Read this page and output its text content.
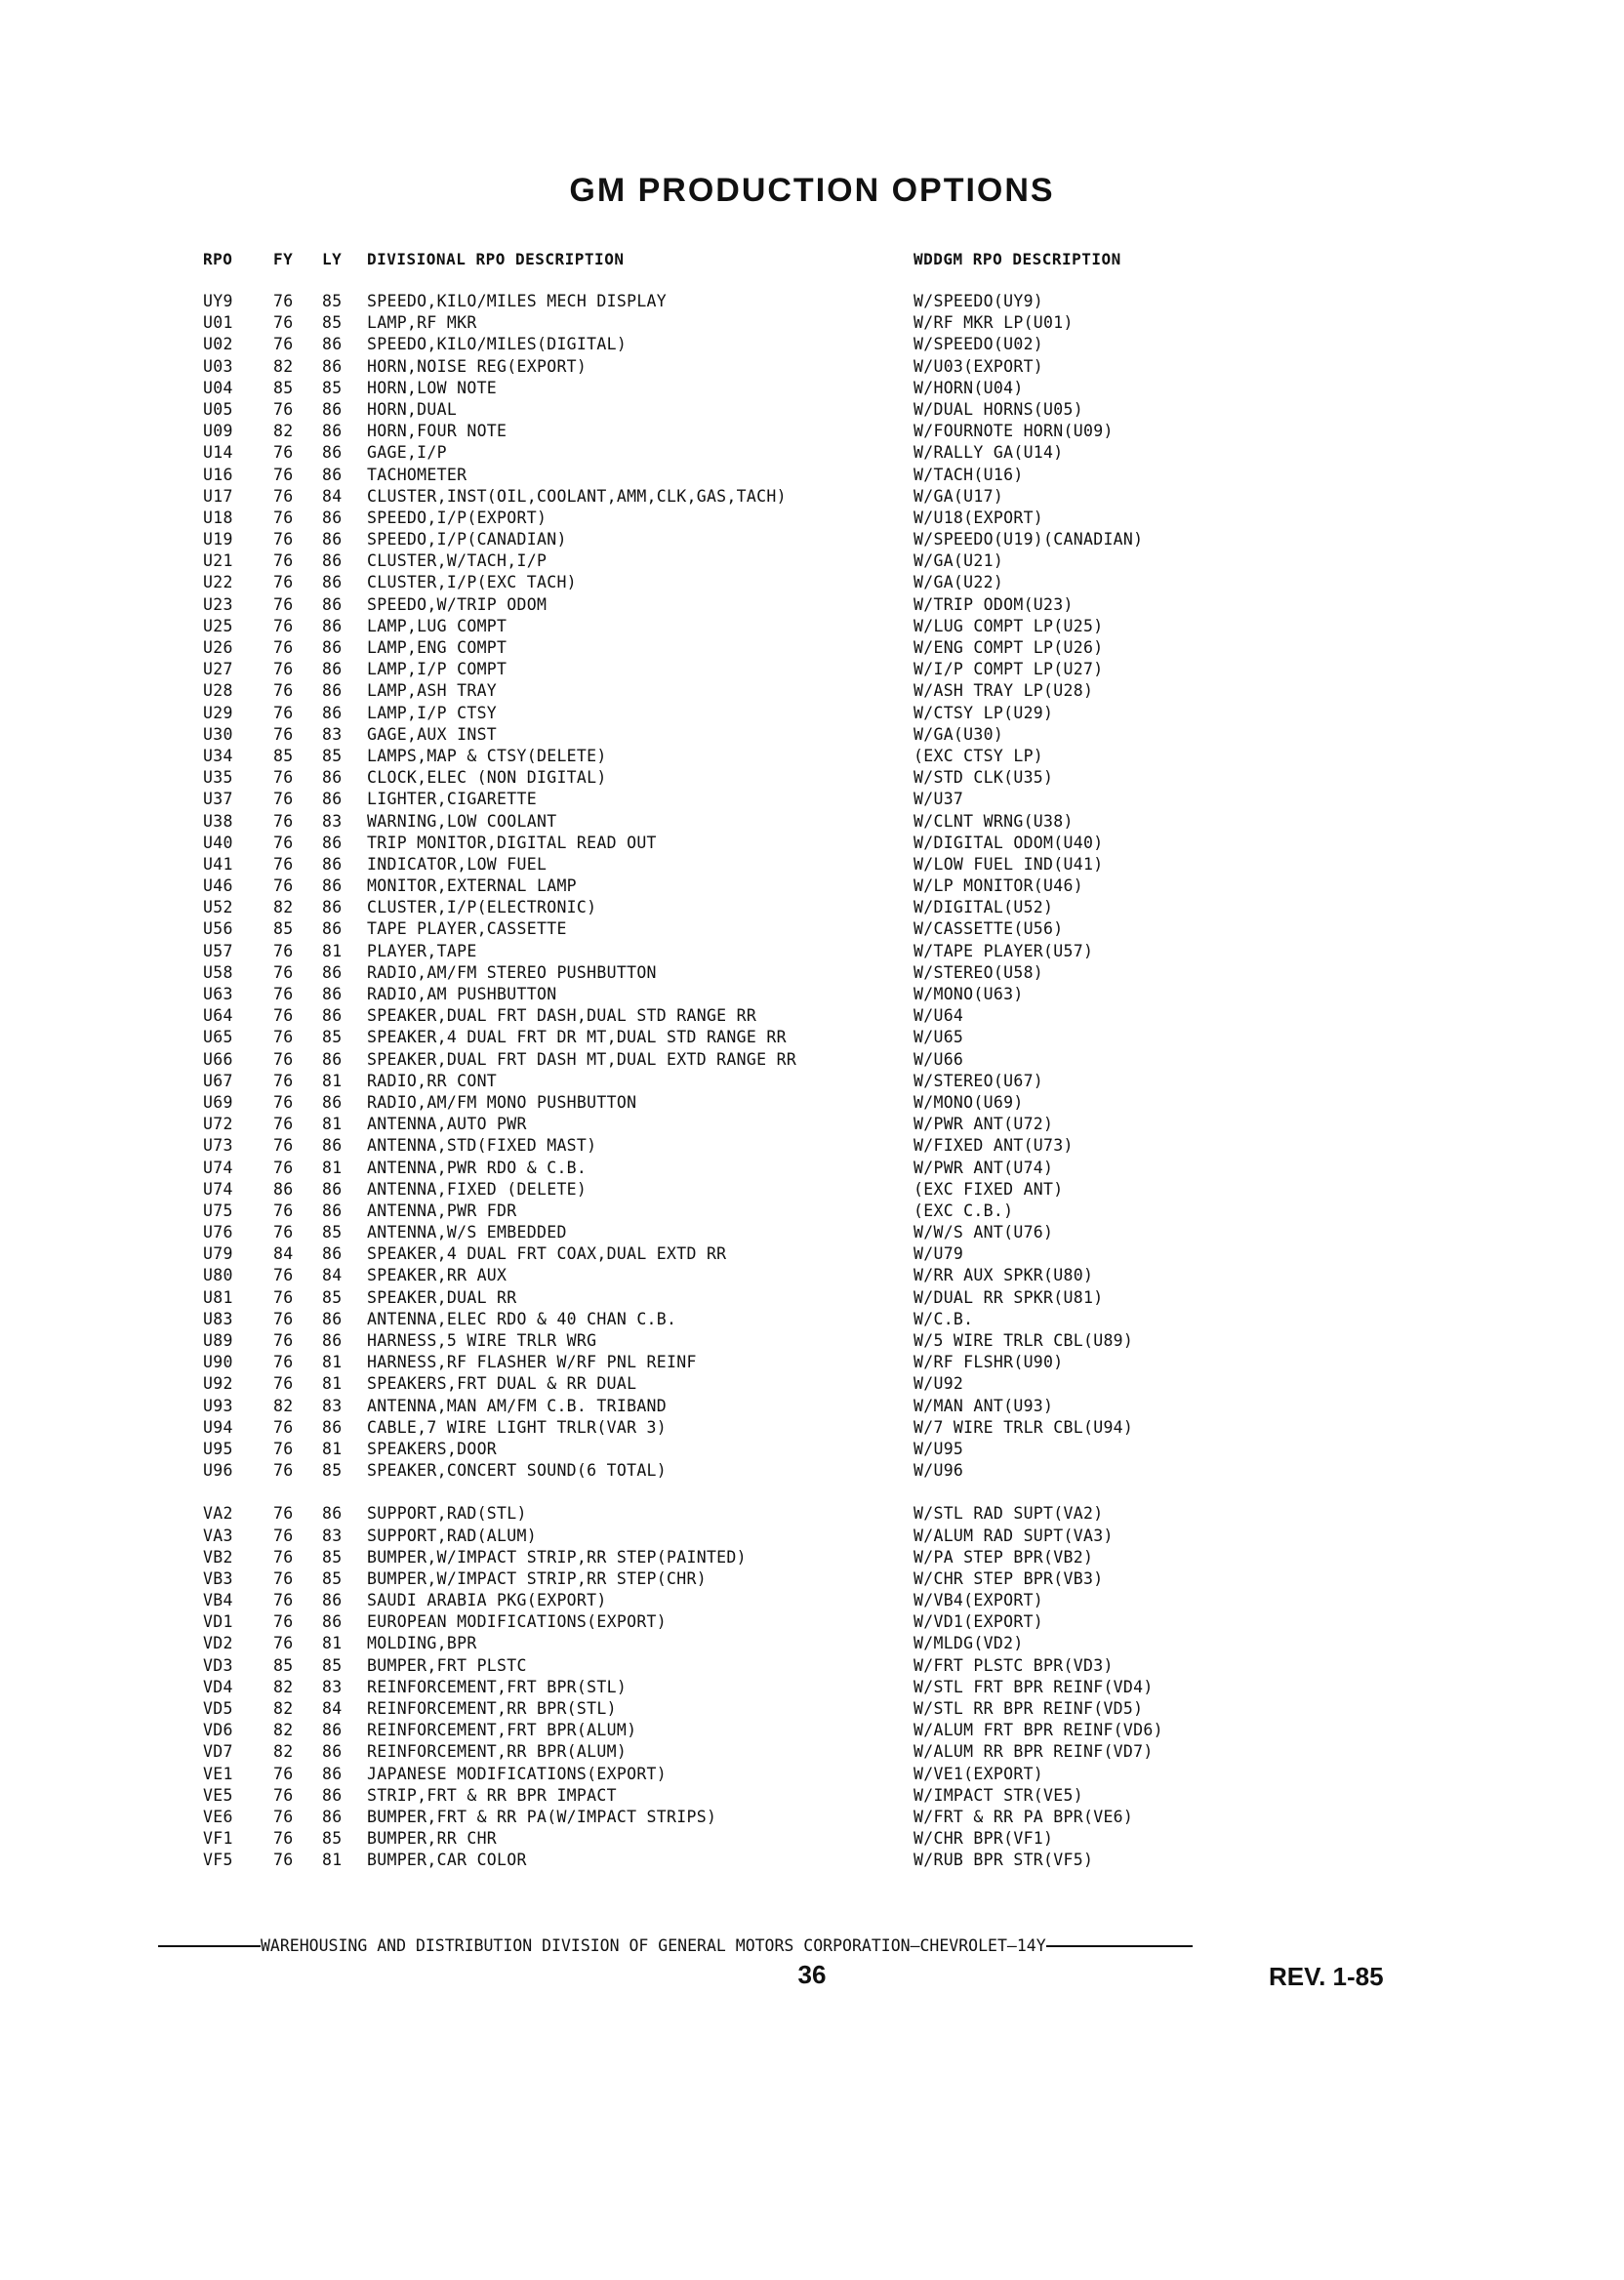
GM PRODUCTION OPTIONS
RPO	FY LY DIVISIONAL RPO DESCRIPTION	WDDGM RPO DESCRIPTION
UY9	76 85 SPEEDO,KILO/MILES MECH DISPLAY	W/SPEEDO(UY9)
U01	76 85 LAMP,RF MKR	W/RF MKR LP(U01)
U02	76 86 SPEEDO,KILO/MILES(DIGITAL)	W/SPEEDO(U02)
U03	82 86 HORN,NOISE REG(EXPORT)	W/U03(EXPORT)
U04	85 85 HORN,LOW NOTE	W/HORN(U04)
U05	76 86 HORN,DUAL	W/DUAL HORNS(U05)
U09	82 86 HORN,FOUR NOTE	W/FOURNOTE HORN(U09)
U14	76 86 GAGE,I/P	W/RALLY GA(U14)
U16	76 86 TACHOMETER	W/TACH(U16)
U17	76 84 CLUSTER,INST(OIL,COOLANT,AMM,CLK,GAS,TACH)	W/GA(U17)
U18	76 86 SPEEDO,I/P(EXPORT)	W/U18(EXPORT)
U19	76 86 SPEEDO,I/P(CANADIAN)	W/SPEEDO(U19)(CANADIAN)
U21	76 86 CLUSTER,W/TACH,I/P	W/GA(U21)
U22	76 86 CLUSTER,I/P(EXC TACH)	W/GA(U22)
U23	76 86 SPEEDO,W/TRIP ODOM	W/TRIP ODOM(U23)
U25	76 86 LAMP,LUG COMPT	W/LUG COMPT LP(U25)
U26	76 86 LAMP,ENG COMPT	W/ENG COMPT LP(U26)
U27	76 86 LAMP,I/P COMPT	W/I/P COMPT LP(U27)
U28	76 86 LAMP,ASH TRAY	W/ASH TRAY LP(U28)
U29	76 86 LAMP,I/P CTSY	W/CTSY LP(U29)
U30	76 83 GAGE,AUX INST	W/GA(U30)
U34	85 85 LAMPS,MAP & CTSY(DELETE)	(EXC CTSY LP)
U35	76 86 CLOCK,ELEC (NON DIGITAL)	W/STD CLK(U35)
U37	76 86 LIGHTER,CIGARETTE	W/U37
U38	76 83 WARNING,LOW COOLANT	W/CLNT WRNG(U38)
U40	76 86 TRIP MONITOR,DIGITAL READ OUT	W/DIGITAL ODOM(U40)
U41	76 86 INDICATOR,LOW FUEL	W/LOW FUEL IND(U41)
U46	76 86 MONITOR,EXTERNAL LAMP	W/LP MONITOR(U46)
U52	82 86 CLUSTER,I/P(ELECTRONIC)	W/DIGITAL(U52)
U56	85 86 TAPE PLAYER,CASSETTE	W/CASSETTE(U56)
U57	76 81 PLAYER,TAPE	W/TAPE PLAYER(U57)
U58	76 86 RADIO,AM/FM STEREO PUSHBUTTON	W/STEREO(U58)
U63	76 86 RADIO,AM PUSHBUTTON	W/MONO(U63)
U64	76 86 SPEAKER,DUAL FRT DASH,DUAL STD RANGE RR	W/U64
U65	76 85 SPEAKER,4 DUAL FRT DR MT,DUAL STD RANGE RR	W/U65
U66	76 86 SPEAKER,DUAL FRT DASH MT,DUAL EXTD RANGE RR	W/U66
U67	76 81 RADIO,RR CONT	W/STEREO(U67)
U69	76 86 RADIO,AM/FM MONO PUSHBUTTON	W/MONO(U69)
U72	76 81 ANTENNA,AUTO PWR	W/PWR ANT(U72)
U73	76 86 ANTENNA,STD(FIXED MAST)	W/FIXED ANT(U73)
U74	76 81 ANTENNA,PWR RDO & C.B.	W/PWR ANT(U74)
U74	86 86 ANTENNA,FIXED (DELETE)	(EXC FIXED ANT)
U75	76 86 ANTENNA,PWR FDR	(EXC C.B.)
U76	76 85 ANTENNA,W/S EMBEDDED	W/W/S ANT(U76)
U79	84 86 SPEAKER,4 DUAL FRT COAX,DUAL EXTD RR	W/U79
U80	76 84 SPEAKER,RR AUX	W/RR AUX SPKR(U80)
U81	76 85 SPEAKER,DUAL RR	W/DUAL RR SPKR(U81)
U83	76 86 ANTENNA,ELEC RDO & 40 CHAN C.B.	W/C.B.
U89	76 86 HARNESS,5 WIRE TRLR WRG	W/5 WIRE TRLR CBL(U89)
U90	76 81 HARNESS,RF FLASHER W/RF PNL REINF	W/RF FLSHR(U90)
U92	76 81 SPEAKERS,FRT DUAL & RR DUAL	W/U92
U93	82 83 ANTENNA,MAN AM/FM C.B. TRIBAND	W/MAN ANT(U93)
U94	76 86 CABLE,7 WIRE LIGHT TRLR(VAR 3)	W/7 WIRE TRLR CBL(U94)
U95	76 81 SPEAKERS,DOOR	W/U95
U96	76 85 SPEAKER,CONCERT SOUND(6 TOTAL)	W/U96
VA2	76 86 SUPPORT,RAD(STL)	W/STL RAD SUPT(VA2)
VA3	76 83 SUPPORT,RAD(ALUM)	W/ALUM RAD SUPT(VA3)
VB2	76 85 BUMPER,W/IMPACT STRIP,RR STEP(PAINTED)	W/PA STEP BPR(VB2)
VB3	76 85 BUMPER,W/IMPACT STRIP,RR STEP(CHR)	W/CHR STEP BPR(VB3)
VB4	76 86 SAUDI ARABIA PKG(EXPORT)	W/VB4(EXPORT)
VD1	76 86 EUROPEAN MODIFICATIONS(EXPORT)	W/VD1(EXPORT)
VD2	76 81 MOLDING,BPR	W/MLDG(VD2)
VD3	85 85 BUMPER,FRT PLSTC	W/FRT PLSTC BPR(VD3)
VD4	82 83 REINFORCEMENT,FRT BPR(STL)	W/STL FRT BPR REINF(VD4)
VD5	82 84 REINFORCEMENT,RR BPR(STL)	W/STL RR BPR REINF(VD5)
VD6	82 86 REINFORCEMENT,FRT BPR(ALUM)	W/ALUM FRT BPR REINF(VD6)
VD7	82 86 REINFORCEMENT,RR BPR(ALUM)	W/ALUM RR BPR REINF(VD7)
VE1	76 86 JAPANESE MODIFICATIONS(EXPORT)	W/VE1(EXPORT)
VE5	76 86 STRIP,FRT & RR BPR IMPACT	W/IMPACT STR(VE5)
VE6	76 86 BUMPER,FRT & RR PA(W/IMPACT STRIPS)	W/FRT & RR PA BPR(VE6)
VF1	76 85 BUMPER,RR CHR	W/CHR BPR(VF1)
VF5	76 81 BUMPER,CAR COLOR	W/RUB BPR STR(VF5)
WAREHOUSING AND DISTRIBUTION DIVISION OF GENERAL MOTORS CORPORATION—CHEVROLET—14Y
36	REV. 1-85
